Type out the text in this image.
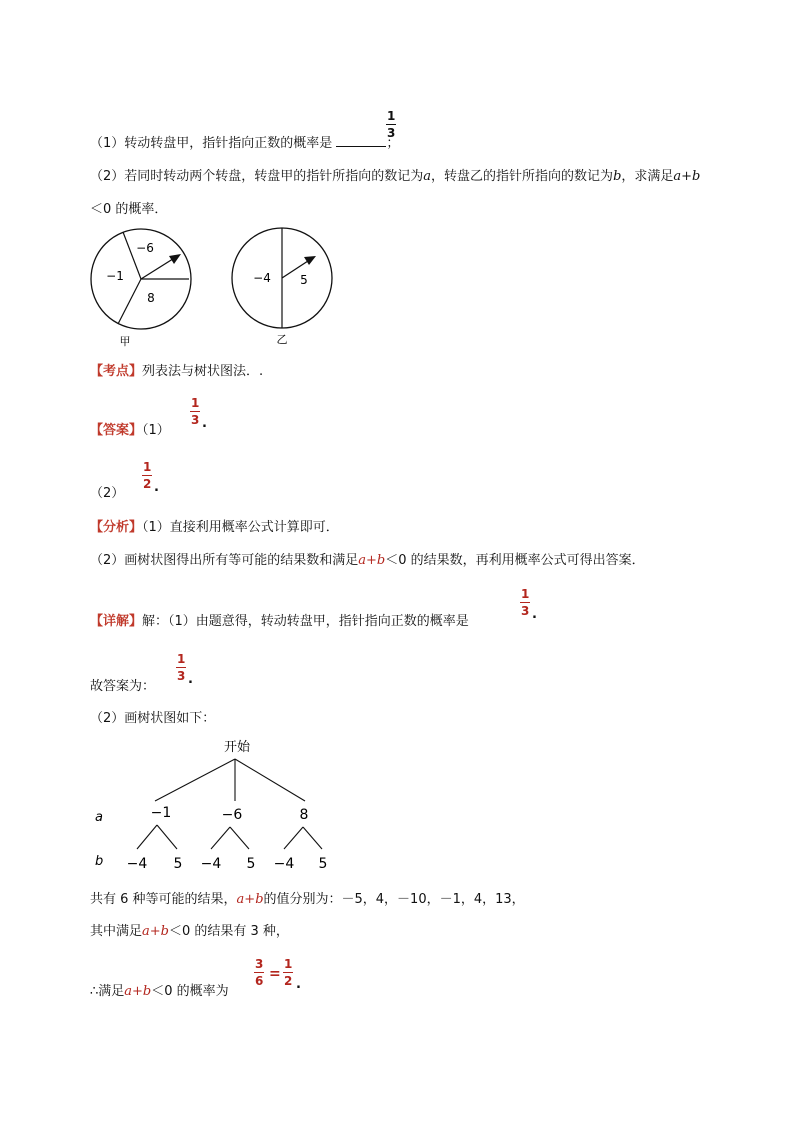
（1）转动转盘甲，指针指向正数的概率是	；
1
3
（2）若同时转动两个转盘，转盘甲的指针所指向的数记为a，转盘乙的指针所指向的数记为b，求满足a+b
＜0 的概率．
−6
−1
8
甲
−4 5
乙
【考点】列表法与树状图法．.
【答案】（1）
1
3 .
（2）
1
2 .
【分析】（1）直接利用概率公式计算即可．
（2）画树状图得出所有等可能的结果数和满足a+b＜0 的结果数，再利用概率公式可得出答案．
【详解】解：（1）由题意得，转动转盘甲，指针指向正数的概率是
1
3 .
故答案为：
1
3 .
（2）画树状图如下：
开始
a	−1	−6	8
b −4 5 −4 5 −4 5
共有 6 种等可能的结果，a+b的值分别为：－5，4，－10，－1，4，13，
其中满足a+b＜0 的结果有 3 种，
∴满足a+b＜0 的概率为
3
6 =
1
2 .
